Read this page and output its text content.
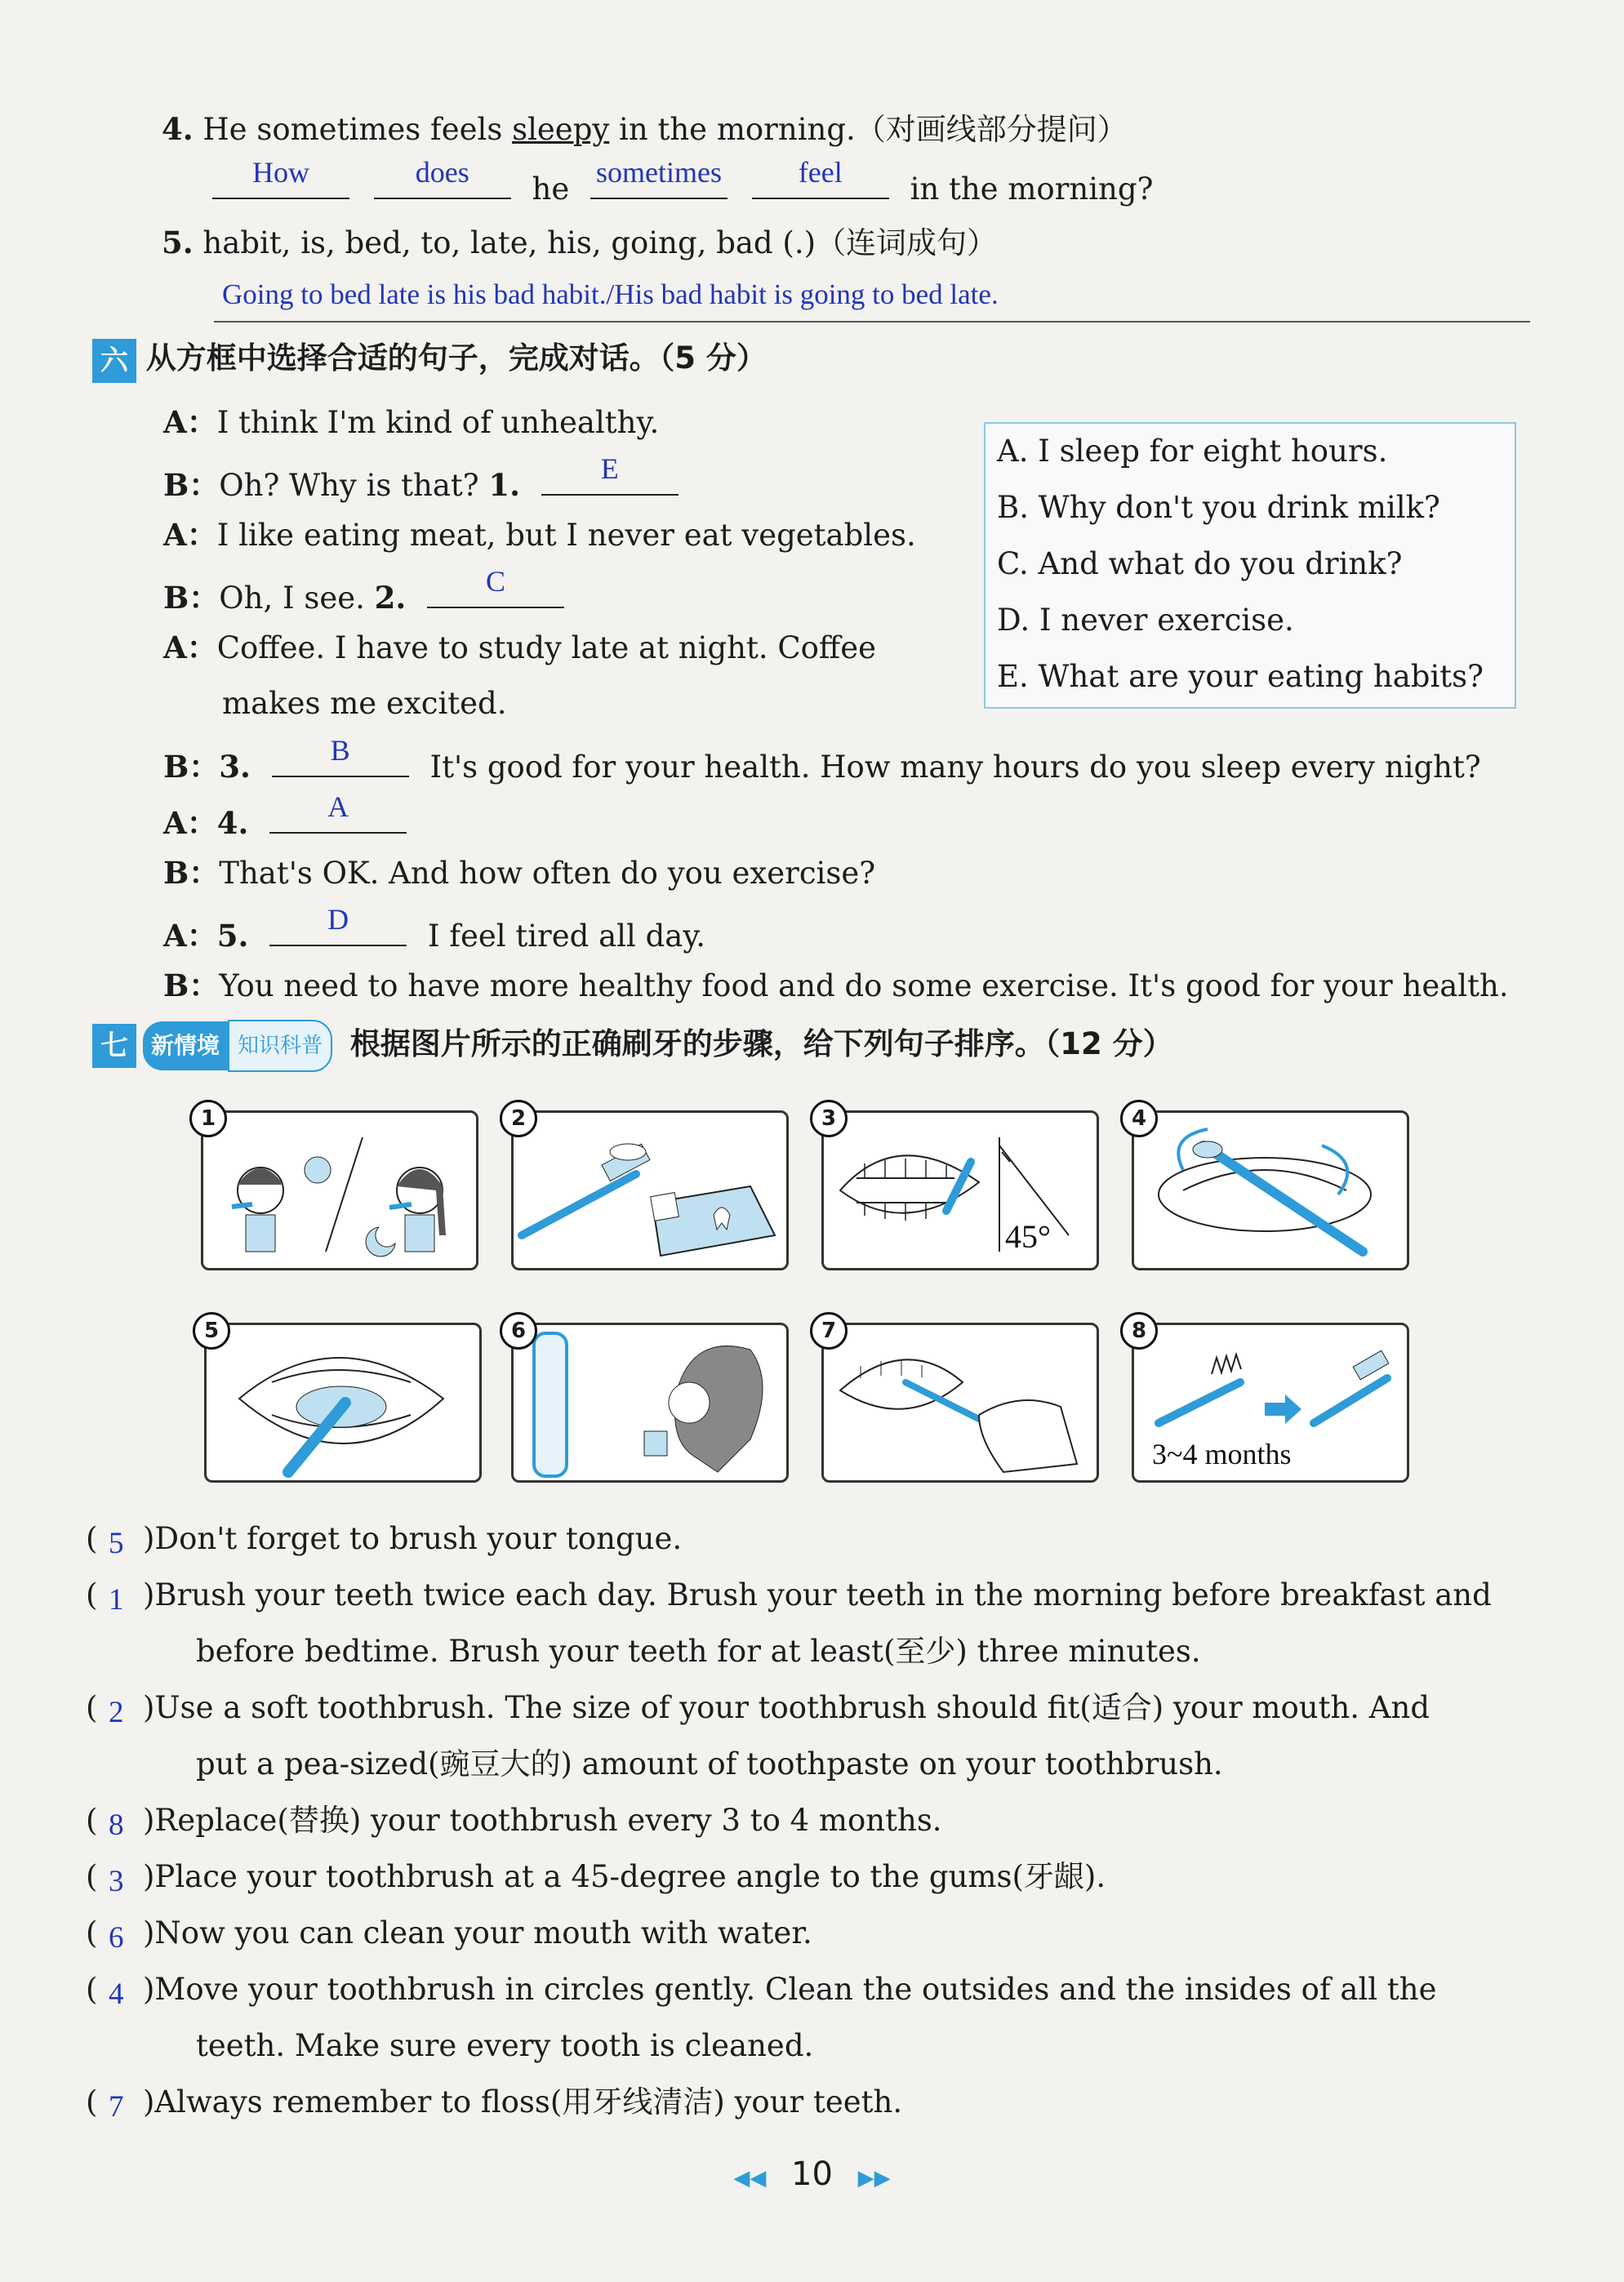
4. He sometimes feels sleepy in the morning.（对画线部分提问）
How
	does	he sometimes
	feel	in the morning?
5. habit, is, bed, to, late, his, going, bad (.)（连词成句）
Going to bed late is his bad habit./His bad habit is going to bed late.
六 从方框中选择合适的句子，完成对话。（5 分）
A：I think I'm kind of unhealthy.
B：Oh? Why is that? 1.	E
A：I like eating meat, but I never eat vegetables.
B：Oh, I see. 2.	C
A：Coffee. I have to study late at night. Coffee
makes me excited.
B：3.	B	It's good for your health. How many hours do you sleep every night?
A：4.	A
B：That's OK. And how often do you exercise?
A：5.	D	I feel tired all day.
B：You need to have more healthy food and do some exercise. It's good for your health.
A. I sleep for eight hours.
B. Why don't you drink milk?
C. And what do you drink?
D. I never exercise.
E. What are your eating habits?
七 新情境 知识科普 根据图片所示的正确刷牙的步骤，给下列句子排序。（12 分）
1	2
45°
3	4
5	6	7
3~4 months
8
( 5 )Don't forget to brush your tongue.
( 1 )Brush your teeth twice each day. Brush your teeth in the morning before breakfast and
before bedtime. Brush your teeth for at least(至少) three minutes.
( 2 )Use a soft toothbrush. The size of your toothbrush should fit(适合) your mouth. And
put a pea-sized(豌豆大的) amount of toothpaste on your toothbrush.
( 8 )Replace(替换) your toothbrush every 3 to 4 months.
( 3 )Place your toothbrush at a 45-degree angle to the gums(牙龈).
( 6 )Now you can clean your mouth with water.
( 4 )Move your toothbrush in circles gently. Clean the outsides and the insides of all the
teeth. Make sure every tooth is cleaned.
( 7 )Always remember to floss(用牙线清洁) your teeth.
◀◀ 10 ▶▶
